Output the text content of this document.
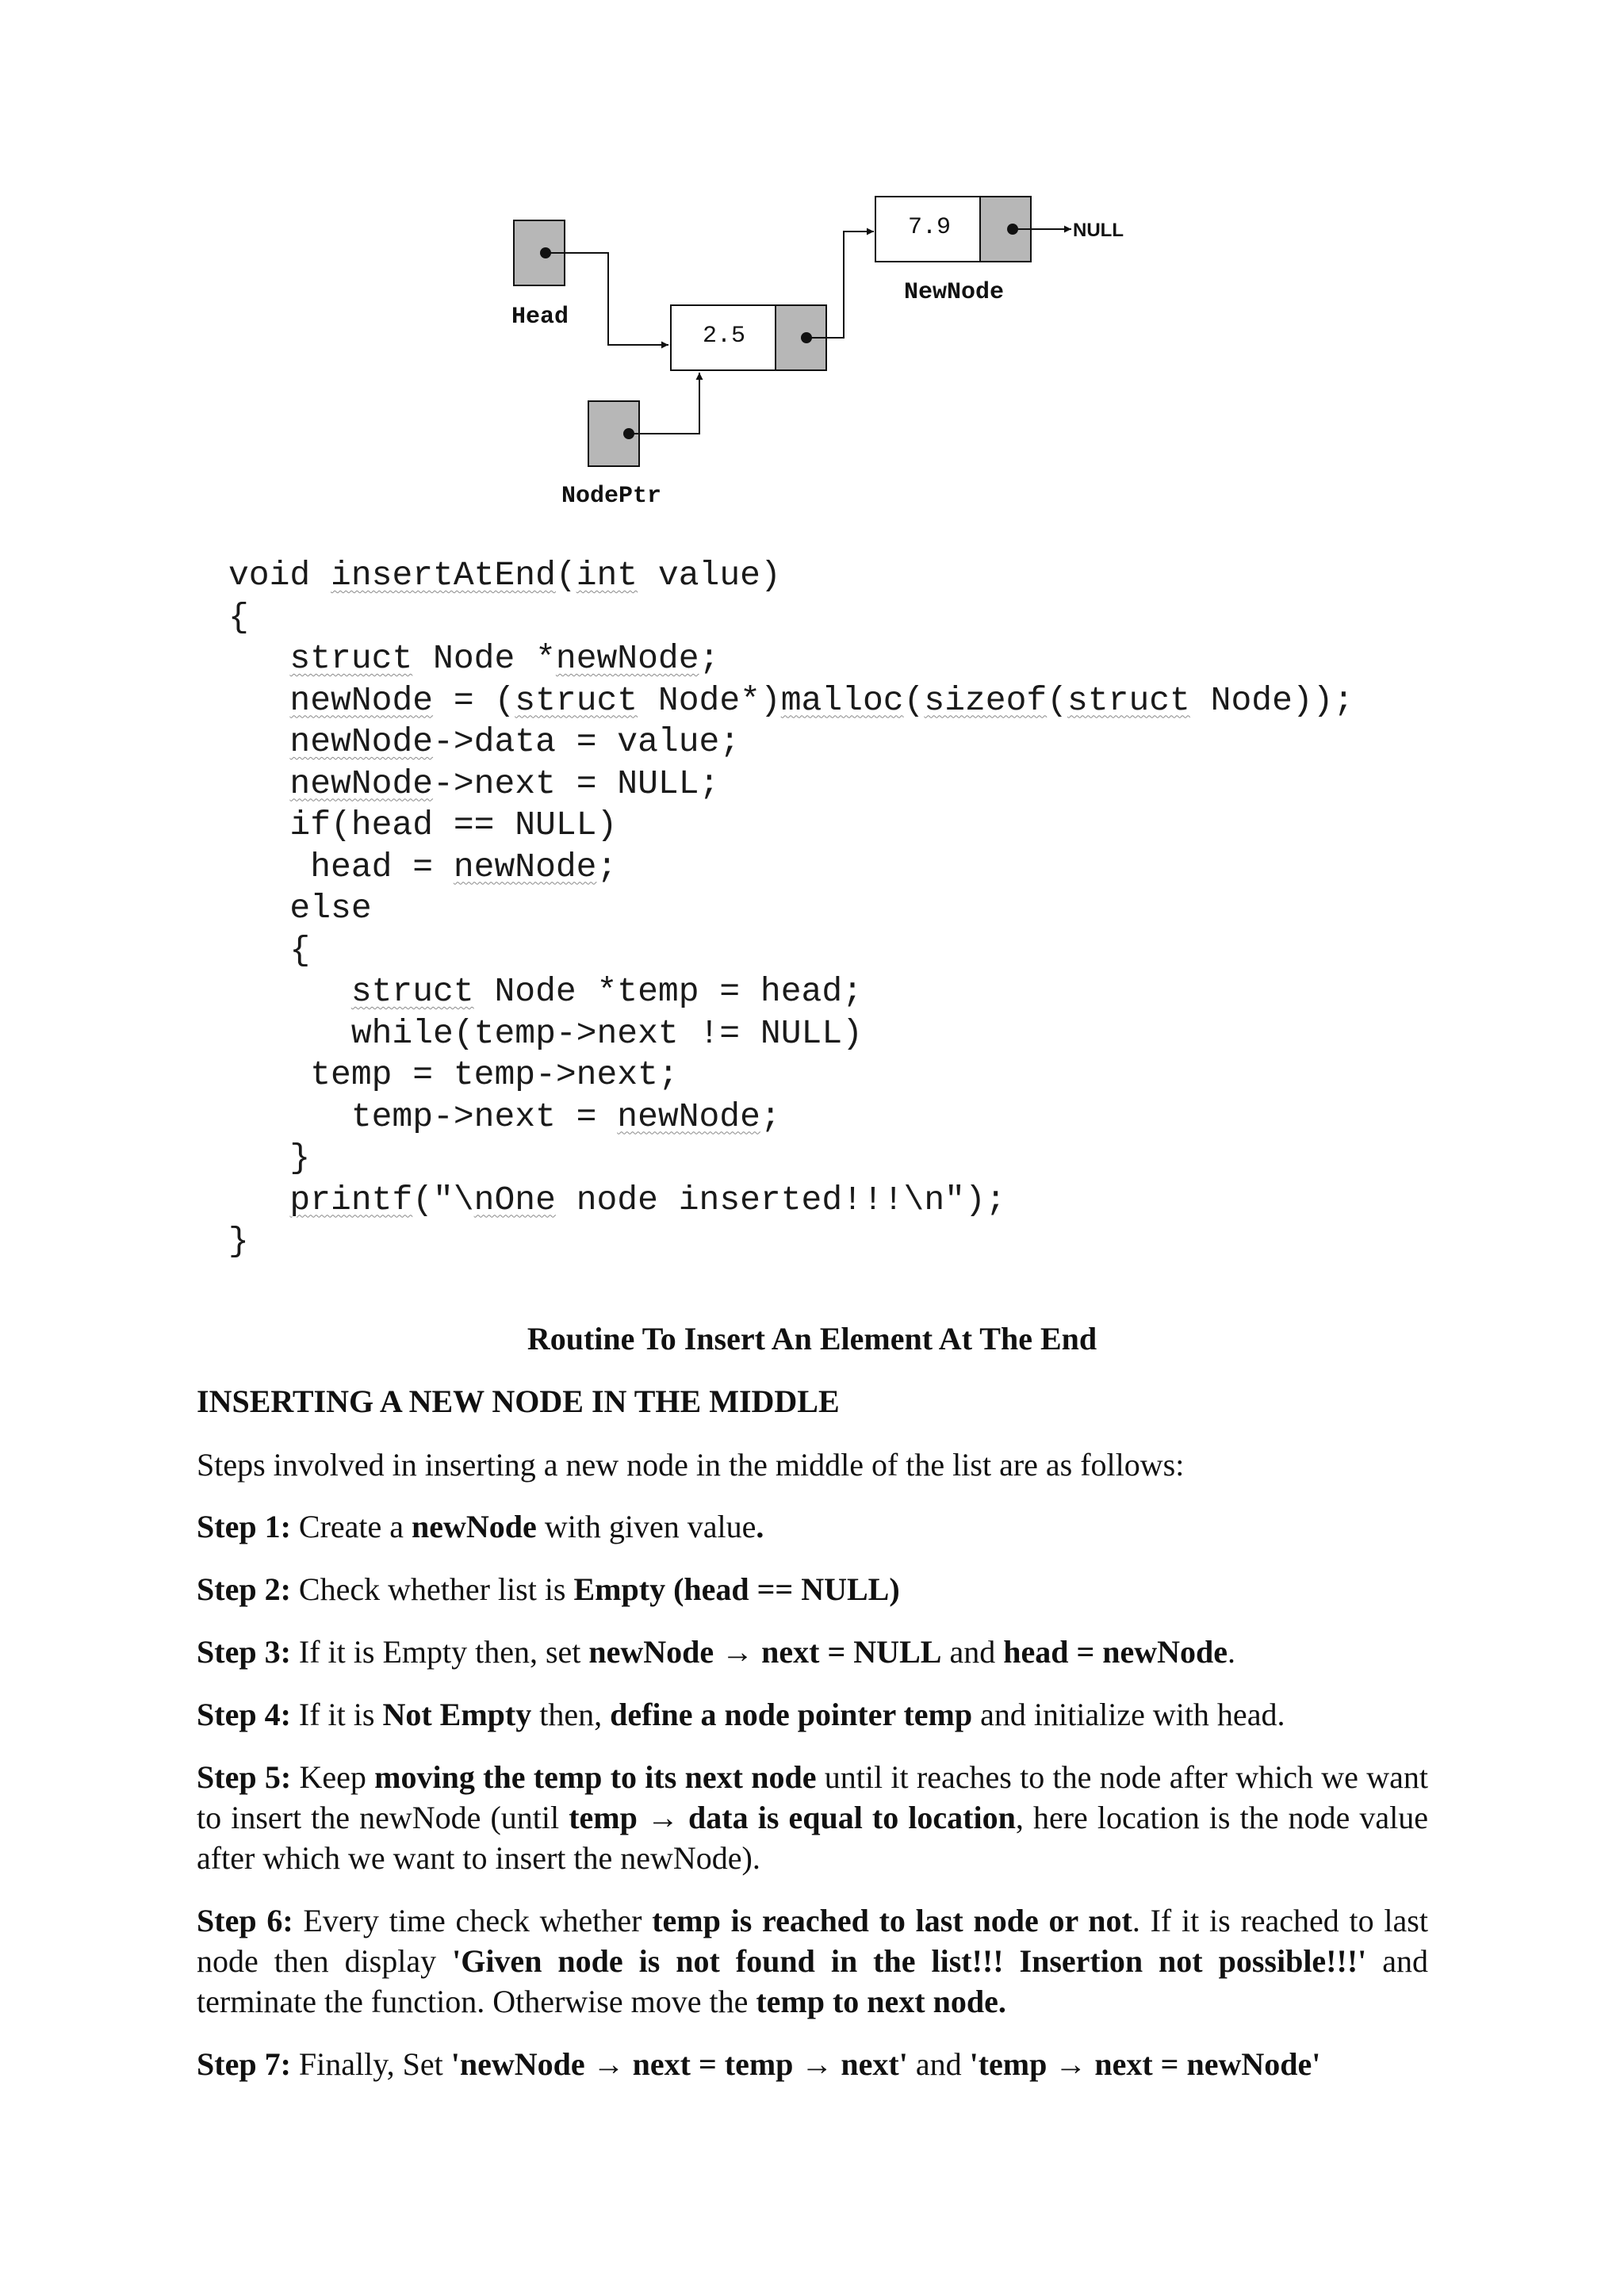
Head
2.5
NodePtr
7.9	NULL
NewNode
void insertAtEnd(int value)
{
struct Node *newNode;
newNode = (struct Node*)malloc(sizeof(struct Node));
newNode->data = value;
newNode->next = NULL;
if(head == NULL)
head = newNode;
else
{
struct Node *temp = head;
while(temp->next != NULL)
temp = temp->next;
temp->next = newNode;
}
printf("\nOne node inserted!!!\n");
}
Routine To Insert An Element At The End
INSERTING A NEW NODE IN THE MIDDLE
Steps involved in inserting a new node in the middle of the list are as follows:
Step 1: Create a newNode with given value.
Step 2: Check whether list is Empty (head == NULL)
Step 3: If it is Empty then, set newNode → next = NULL and head = newNode.
Step 4: If it is Not Empty then, define a node pointer temp and initialize with head.
Step 5: Keep moving the temp to its next node until it reaches to the node after which we want to insert the newNode (until temp → data is equal to location, here location is the node value after which we want to insert the newNode).
Step 6: Every time check whether temp is reached to last node or not. If it is reached to last node then display 'Given node is not found in the list!!! Insertion not possible!!!' and terminate the function. Otherwise move the temp to next node.
Step 7: Finally, Set 'newNode → next = temp → next' and 'temp → next = newNode'
